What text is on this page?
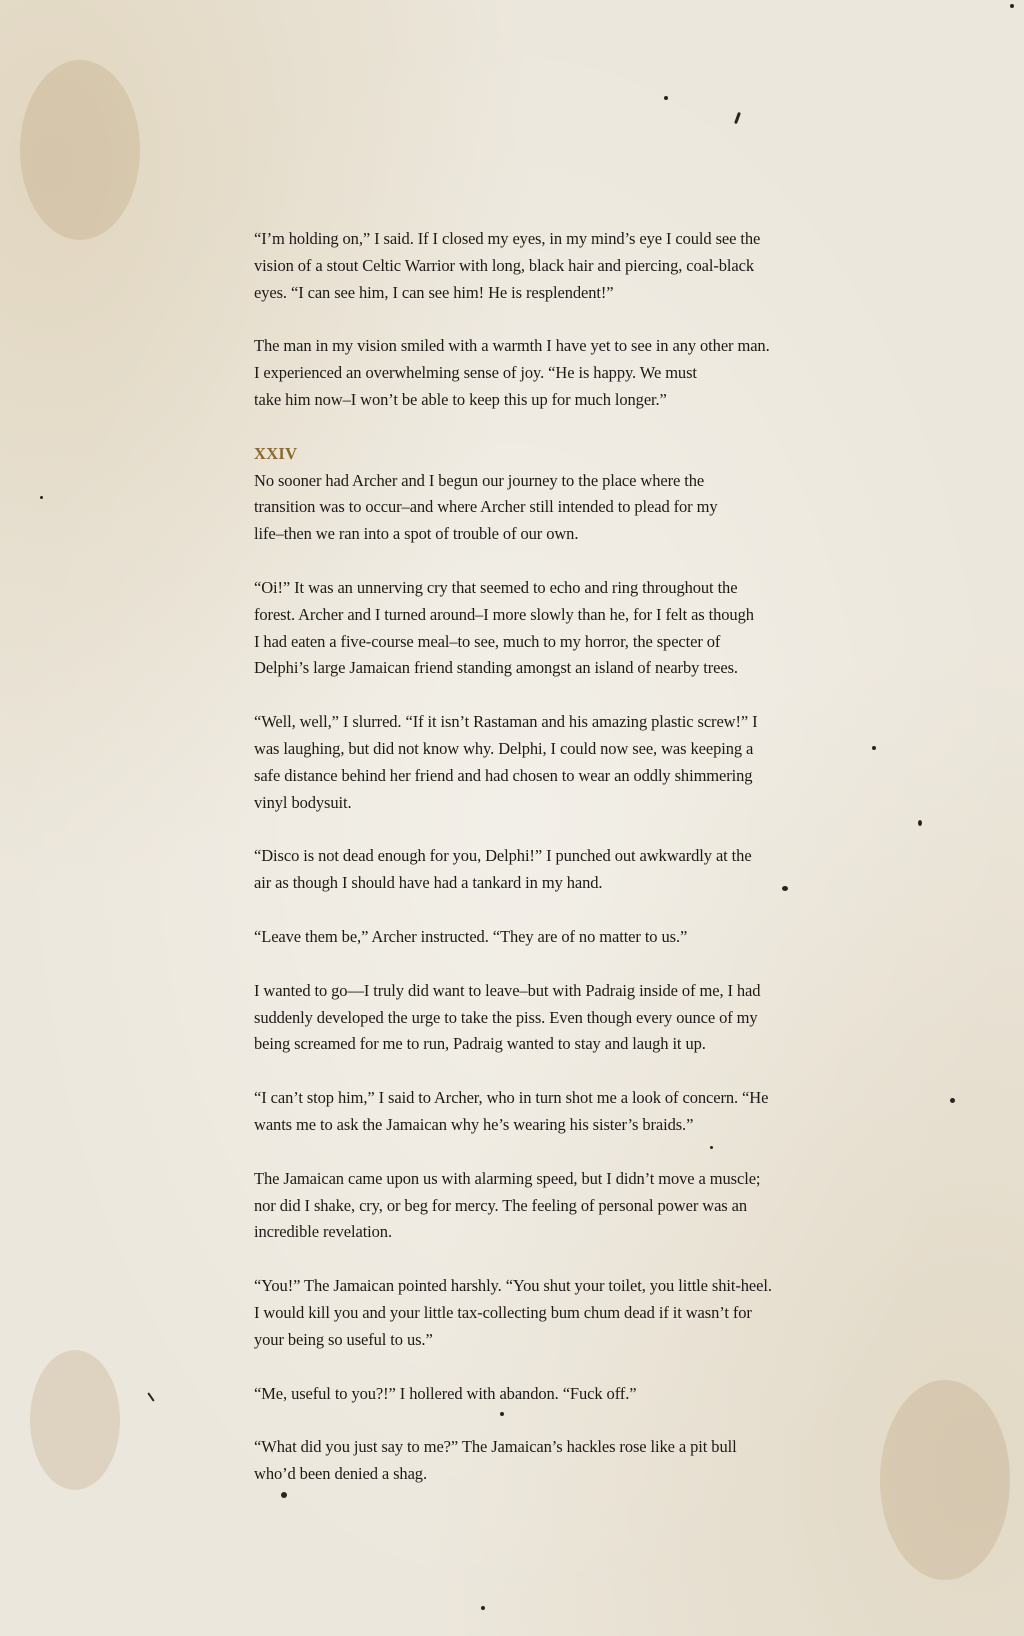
“I’m holding on,” I said. If I closed my eyes, in my mind’s eye I could see the
vision of a stout Celtic Warrior with long, black hair and piercing, coal-black
eyes. “I can see him, I can see him! He is resplendent!”

The man in my vision smiled with a warmth I have yet to see in any other man.
I experienced an overwhelming sense of joy. “He is happy. We must
take him now–I won’t be able to keep this up for much longer.”

XXIV

No sooner had Archer and I begun our journey to the place where the
transition was to occur–and where Archer still intended to plead for my
life–then we ran into a spot of trouble of our own.

“Oi!” It was an unnerving cry that seemed to echo and ring throughout the
forest. Archer and I turned around–I more slowly than he, for I felt as though
I had eaten a five-course meal–to see, much to my horror, the specter of
Delphi’s large Jamaican friend standing amongst an island of nearby trees.

“Well, well,” I slurred. “If it isn’t Rastaman and his amazing plastic screw!” I
was laughing, but did not know why. Delphi, I could now see, was keeping a
safe distance behind her friend and had chosen to wear an oddly shimmering
vinyl bodysuit.

“Disco is not dead enough for you, Delphi!” I punched out awkwardly at the
air as though I should have had a tankard in my hand.

“Leave them be,” Archer instructed. “They are of no matter to us.”

I wanted to go—I truly did want to leave–but with Padraig inside of me, I had
suddenly developed the urge to take the piss. Even though every ounce of my
being screamed for me to run, Padraig wanted to stay and laugh it up.

“I can’t stop him,” I said to Archer, who in turn shot me a look of concern. “He
wants me to ask the Jamaican why he’s wearing his sister’s braids.”

The Jamaican came upon us with alarming speed, but I didn’t move a muscle;
nor did I shake, cry, or beg for mercy. The feeling of personal power was an
incredible revelation.

“You!” The Jamaican pointed harshly. “You shut your toilet, you little shit-heel.
I would kill you and your little tax-collecting bum chum dead if it wasn’t for
your being so useful to us.”

“Me, useful to you?!” I hollered with abandon. “Fuck off.”

“What did you just say to me?” The Jamaican’s hackles rose like a pit bull
who’d been denied a shag.
